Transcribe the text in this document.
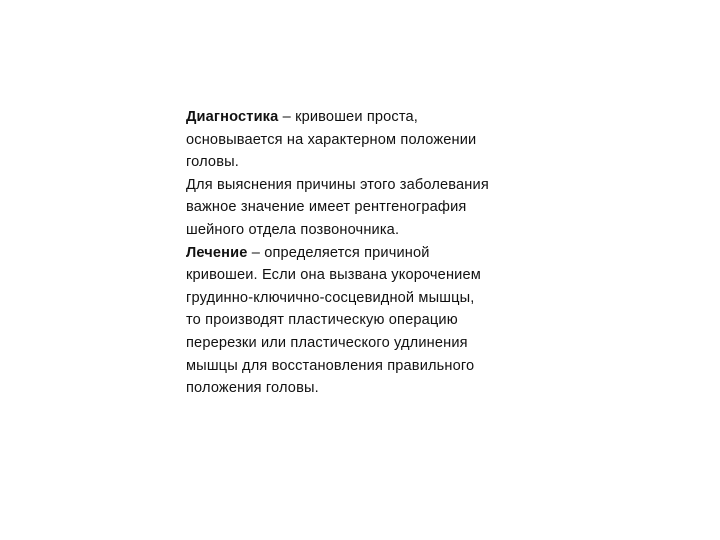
Диагностика – кривошеи проста,
основывается на характерном положении
головы.
Для выяснения причины этого заболевания
важное значение имеет рентгенография
шейного отдела позвоночника.
Лечение – определяется причиной
кривошеи. Если она вызвана укорочением
грудинно-ключично-сосцевидной мышцы,
то производят пластическую операцию
перерезки или пластического удлинения
мышцы для восстановления правильного
положения головы.
